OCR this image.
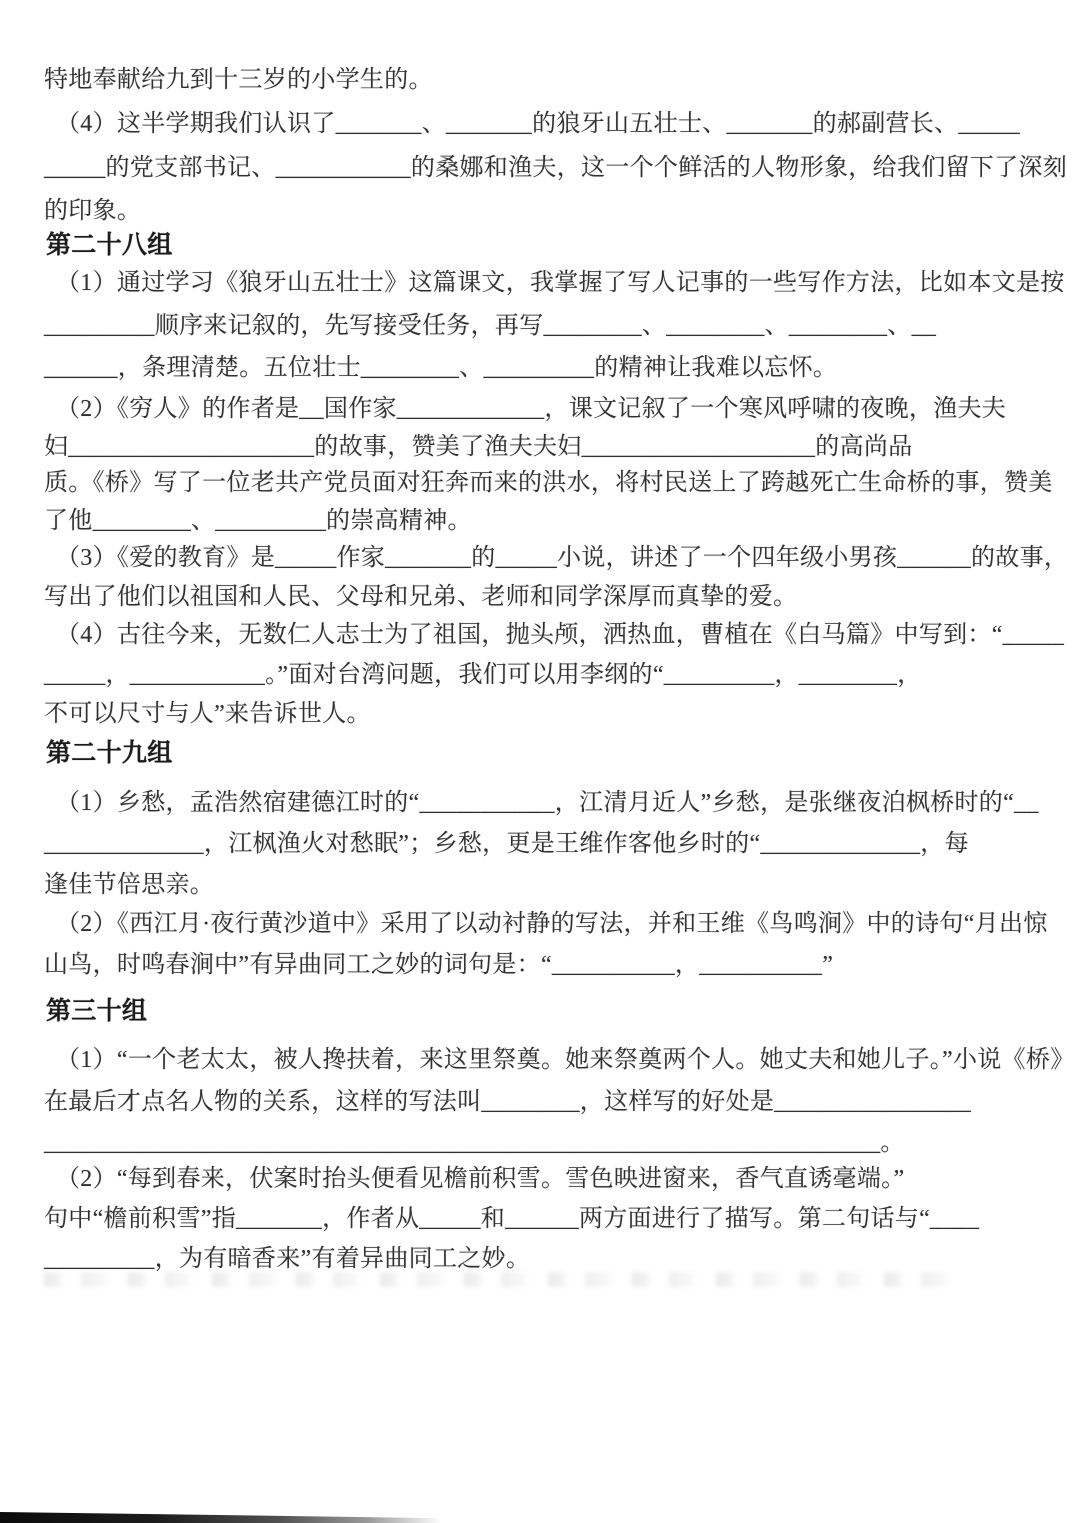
特地奉献给九到十三岁的小学生的。
（4）这半学期我们认识了_______、_______的狼牙山五壮士、_______的郝副营长、_____
_____的党支部书记、___________的桑娜和渔夫，这一个个鲜活的人物形象，给我们留下了深刻
的印象。
第二十八组
（1）通过学习《狼牙山五壮士》这篇课文，我掌握了写人记事的一些写作方法，比如本文是按
_________顺序来记叙的，先写接受任务，再写________、________、________、__
______，条理清楚。五位壮士________、_________的精神让我难以忘怀。
（2）《穷人》的作者是__国作家____________，课文记叙了一个寒风呼啸的夜晚，渔夫夫
妇____________________的故事，赞美了渔夫夫妇___________________的高尚品
质。《桥》写了一位老共产党员面对狂奔而来的洪水，将村民送上了跨越死亡生命桥的事，赞美
了他________、_________的崇高精神。
（3）《爱的教育》是_____作家_______的_____小说，讲述了一个四年级小男孩______的故事，
写出了他们以祖国和人民、父母和兄弟、老师和同学深厚而真挚的爱。
（4）古往今来，无数仁人志士为了祖国，抛头颅，洒热血，曹植在《白马篇》中写到：“_____
_____，___________。”面对台湾问题，我们可以用李纲的“_________，________，
不可以尺寸与人”来告诉世人。
第二十九组
（1）乡愁，孟浩然宿建德江时的“___________，江清月近人”乡愁，是张继夜泊枫桥时的“__
_____________，江枫渔火对愁眠”；乡愁，更是王维作客他乡时的“_____________，每
逢佳节倍思亲。
（2）《西江月·夜行黄沙道中》采用了以动衬静的写法，并和王维《鸟鸣涧》中的诗句“月出惊
山鸟，时鸣春涧中”有异曲同工之妙的词句是：“__________，__________”
第三十组
（1）“一个老太太，被人搀扶着，来这里祭奠。她来祭奠两个人。她丈夫和她儿子。”小说《桥》
在最后才点名人物的关系，这样的写法叫________，这样写的好处是________________
____________________________________________________________________。
（2）“每到春来，伏案时抬头便看见檐前积雪。雪色映进窗来，香气直诱毫端。”
句中“檐前积雪”指_______，作者从_____和______两方面进行了描写。第二句话与“____
_________，为有暗香来”有着异曲同工之妙。
